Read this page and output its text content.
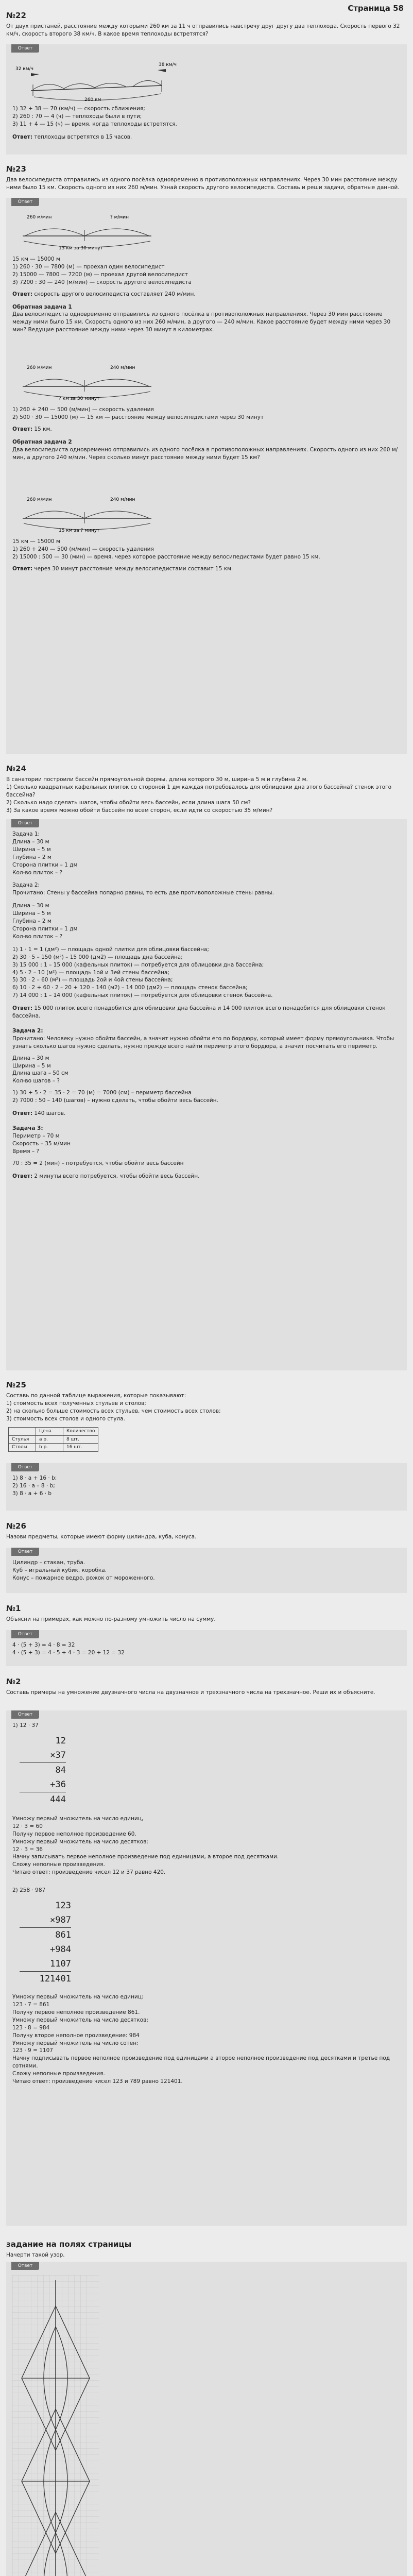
Страница 58
№22
От двух пристаней, расстояние между которыми 260 км за 11 ч отправились навстречу друг другу два теплохода. Скорость первого 32 км/ч, скорость второго 38 км/ч. В какое время теплоходы встретятся?
Ответ
32 км/ч
38 км/ч
260 км
1) 32 + 38 — 70 (км/ч) — скорость сближения;
2) 260 : 70 — 4 (ч) — теплоходы были в пути;
3) 11 + 4 — 15 (ч) — время, когда теплоходы встретятся.
Ответ: теплоходы встретятся в 15 часов.
№23
Два велосипедиста отправились из одного посёлка одновременно в противоположных направлениях. Через 30 мин расстояние между ними было 15 км. Скорость одного из них 260 м/мин. Узнай скорость другого велосипедиста. Составь и реши задачи, обратные данной.
Ответ
260 м/мин	? м/мин
15 км за 30 минут
15 км — 15000 м
1) 260 · 30 — 7800 (м) — проехал один велосипедист
2) 15000 — 7800 — 7200 (м) — проехал другой велосипедист
3) 7200 : 30 — 240 (м/мин) — скорость другого велосипедиста
Ответ: скорость другого велосипедиста составляет 240 м/мин.
Обратная задача 1
Два велосипедиста одновременно отправились из одного посёлка в противоположных направлениях. Через 30 мин расстояние между ними было 15 км. Скорость одного из них 260 м/мин, а другого — 240 м/мин. Какое расстояние будет между ними через 30 мин? Ведущие расстояние между ними через 30 минут в километрах.
260 м/мин	240 м/мин
? км за 30 минут
1) 260 + 240 — 500 (м/мин) — скорость удаления
2) 500 · 30 — 15000 (м) — 15 км — расстояние между велосипедистами через 30 минут
Ответ: 15 км.
Обратная задача 2
Два велосипедиста одновременно отправились из одного посёлка в противоположных направлениях. Скорость одного из них 260 м/мин, а другого 240 м/мин. Через сколько минут расстояние между ними будет 15 км?
260 м/мин	240 м/мин
15 км за ? минут
15 км — 15000 м
1) 260 + 240 — 500 (м/мин) — скорость удаления
2) 15000 : 500 — 30 (мин) — время, через которое расстояние между велосипедистами будет равно 15 км.
Ответ: через 30 минут расстояние между велосипедистами составит 15 км.
№24
В санатории построили бассейн прямоугольной формы, длина которого 30 м, ширина 5 м и глубина 2 м.
1) Сколько квадратных кафельных плиток со стороной 1 дм каждая потребовалось для облицовки дна этого бассейна? стенок этого бассейна?
2) Сколько надо сделать шагов, чтобы обойти весь бассейн, если длина шага 50 см?
3) За какое время можно обойти бассейн по всем сторон, если идти со скоростью 35 м/мин?
Ответ
Задача 1:
Длина – 30 м
Ширина – 5 м
Глубина – 2 м
Сторона плитки – 1 дм
Кол-во плиток – ?
Задача 2:
Прочитано: Стены у бассейна попарно равны, то есть две противоположные стены равны.
Длина – 30 м
Ширина – 5 м
Глубина – 2 м
Сторона плитки – 1 дм
Кол-во плиток – ?
1) 1 · 1 = 1 (дм²) — площадь одной плитки для облицовки бассейна;
2) 30 · 5 – 150 (м²) – 15 000 (дм2) — площадь дна бассейна;
3) 15 000 : 1 – 15 000 (кафельных плиток) — потребуется для облицовки дна бассейна;
4) 5 · 2 – 10 (м²) — площадь 1ой и 3ей стены бассейна;
5) 30 · 2 – 60 (м²) — площадь 2ой и 4ой стены бассейна;
6) 10 · 2 + 60 · 2 – 20 + 120 – 140 (м2) – 14 000 (дм2) — площадь стенок бассейна;
7) 14 000 : 1 – 14 000 (кафельных плиток) — потребуется для облицовки стенок бассейна.
Ответ: 15 000 плиток всего понадобится для облицовки дна бассейна и 14 000 плиток всего понадобится для облицовки стенок бассейна.
Задача 2:
Прочитано: Человеку нужно обойти бассейн, а значит нужно обойти его по бордюру, который имеет форму прямоугольника. Чтобы узнать сколько шагов нужно сделать, нужно прежде всего найти периметр этого бордюра, а значит посчитать его периметр.
Длина – 30 м
Ширина – 5 м
Длина шага – 50 см
Кол-во шагов – ?
1) 30 + 5 · 2 = 35 · 2 = 70 (м) = 7000 (см) – периметр бассейна
2) 7000 : 50 – 140 (шагов) – нужно сделать, чтобы обойти весь бассейн.
Ответ: 140 шагов.
Задача 3:
Периметр – 70 м
Скорость – 35 м/мин
Время – ?
70 : 35 = 2 (мин) – потребуется, чтобы обойти весь бассейн
Ответ: 2 минуты всего потребуется, чтобы обойти весь бассейн.
№25
Составь по данной таблице выражения, которые показывают:
1) стоимость всех полученных стульев и столов;
2) на сколько больше стоимость всех стульев, чем стоимость всех столов;
3) стоимость всех столов и одного стула.
	Цена	Количество
Стулья	a р.	8 шт.
Столы	b р.	16 шт.
Ответ
1) 8 · a + 16 · b;
2) 16 · a – 8 · b;
3) 8 · a + 6 · b
№26
Назови предметы, которые имеют форму цилиндра, куба, конуса.
Ответ
Цилиндр – стакан, труба.
Куб – игральный кубик, коробка.
Конус – пожарное ведро, рожок от мороженного.
№1
Объясни на примерах, как можно по-разному умножить число на сумму.
Ответ
4 · (5 + 3) = 4 · 8 = 32
4 · (5 + 3) = 4 · 5 + 4 · 3 = 20 + 12 = 32
№2
Составь примеры на умножение двузначного числа на двузначное и трехзначного числа на трехзначное. Реши их и объясните.
Ответ
1) 12 · 37
12
×37
84
+36
444
Умножу первый множитель на число единиц,
12 · 3 = 60
Получу первое неполное произведение 60.
Умножу первый множитель на число десятков:
12 · 3 = 36
Начну записывать первое неполное произведение под единицами, а второе под десятками.
Сложу неполные произведения.
Читаю ответ: произведение чисел 12 и 37 равно 420.
2) 258 · 987
123
×987
861
+984
1107
121401
Умножу первый множитель на число единиц:
123 · 7 = 861
Получу первое неполное произведение 861.
Умножу первый множитель на число десятков:
123 · 8 = 984
Получу второе неполное произведение: 984
Умножу первый множитель на число сотен:
123 · 9 = 1107
Начну подписывать первое неполное произведение под единицами а второе неполное произведение под десятками и третье под сотнями.
Сложу неполные произведения.
Читаю ответ: произведение чисел 123 и 789 равно 121401.
задание на полях страницы
Начерти такой узор.
Ответ
